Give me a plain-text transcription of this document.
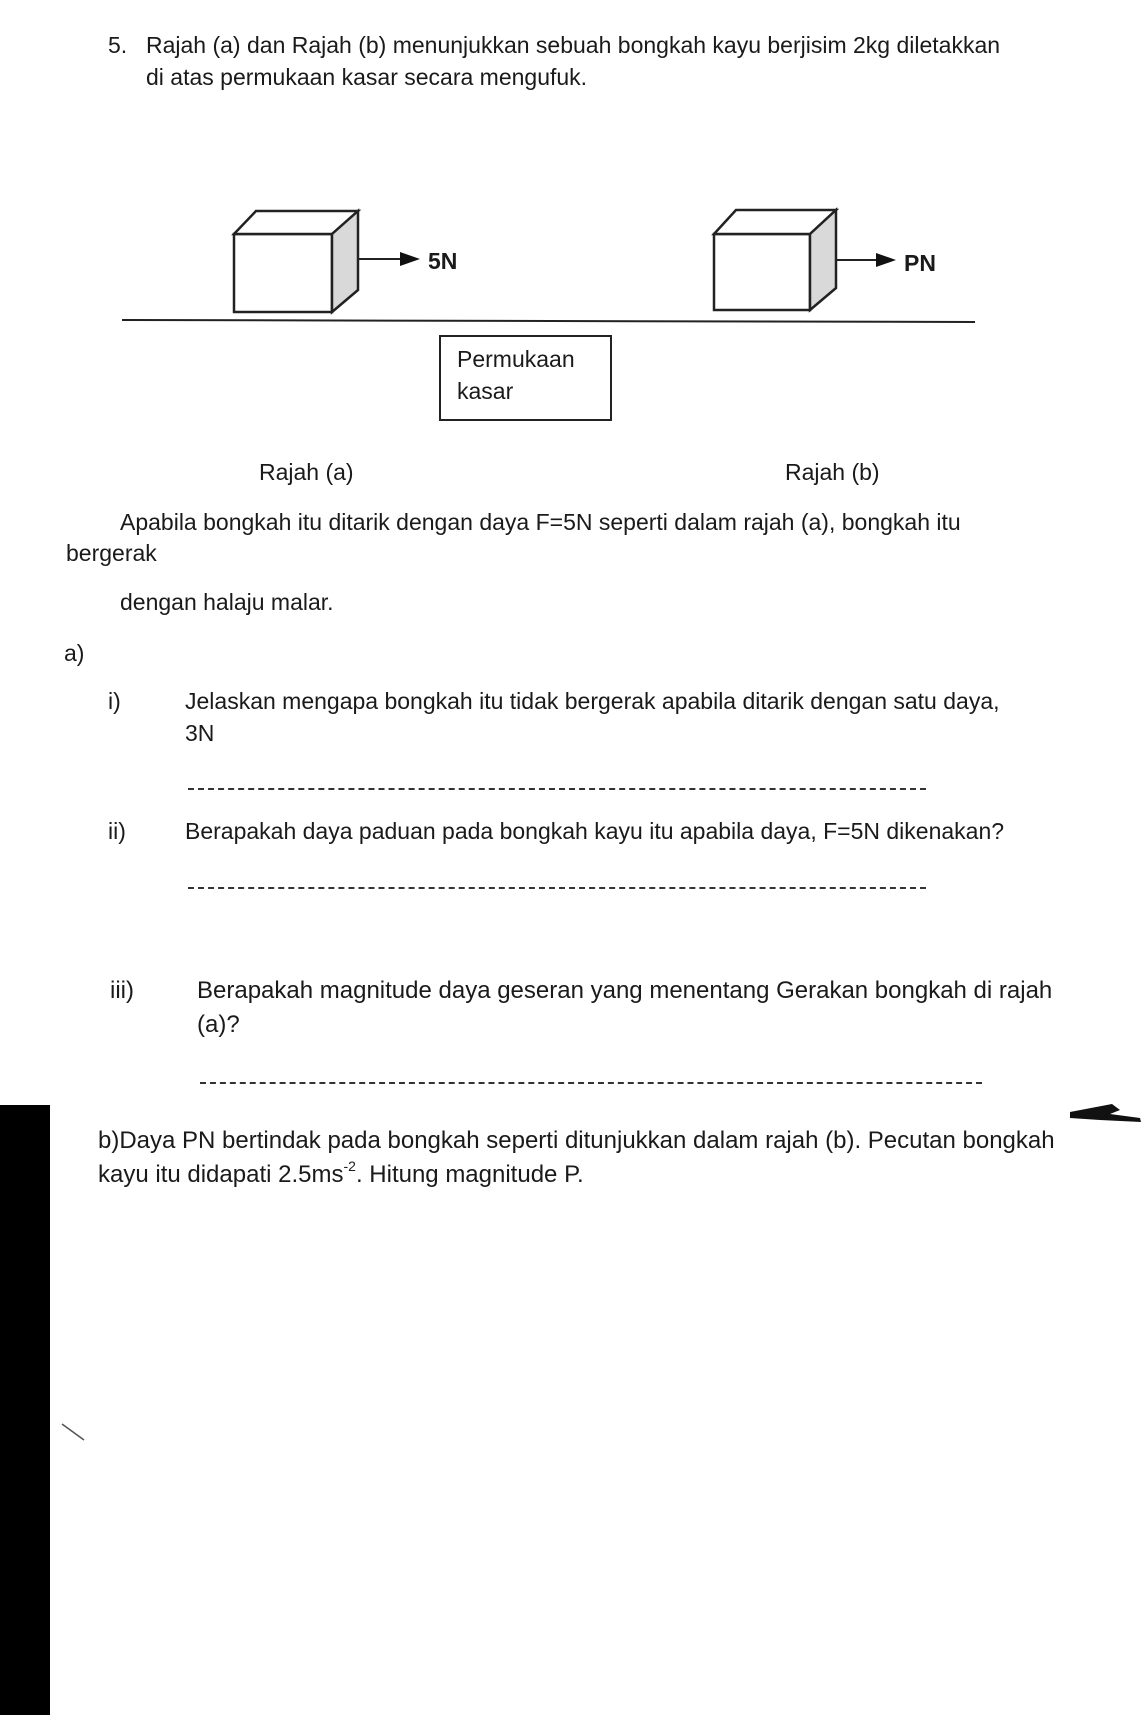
5. Rajah (a) dan Rajah (b) menunjukkan sebuah bongkah kayu berjisim 2kg diletakkan
di atas permukaan kasar secara mengufuk.
5N	PN
Permukaan
kasar
Rajah (a)	Rajah (b)
Apabila bongkah itu ditarik dengan daya F=5N seperti dalam rajah (a), bongkah itu
bergerak
dengan halaju malar.
a)
i)	Jelaskan mengapa bongkah itu tidak bergerak apabila ditarik dengan satu daya,
3N
ii)	Berapakah daya paduan pada bongkah kayu itu apabila daya, F=5N dikenakan?
iii)	Berapakah magnitude daya geseran yang menentang Gerakan bongkah di rajah
(a)?
b)Daya PN bertindak pada bongkah seperti ditunjukkan dalam rajah (b). Pecutan bongkah
kayu itu didapati $2.5ms^{-2}$. Hitung magnitude P.
